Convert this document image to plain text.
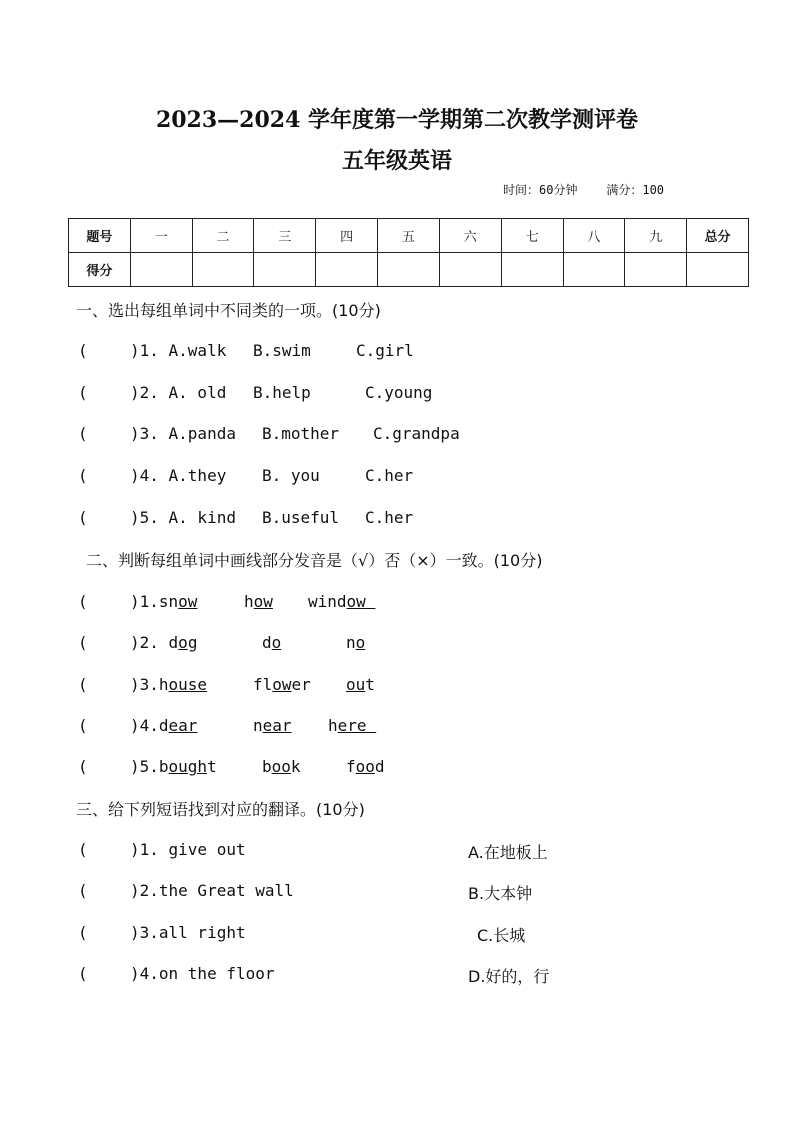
2023—2024 学年度第一学期第二次教学测评卷
五年级英语
时间：60分钟    满分：100
题号	一	二	三	四	五	六	七	八	九	总分
得分										
一、选出每组单词中不同类的一项。(10分)

(

	)1. A.walk

B.swim

	C.girl

(

	)2. A. old

B.help

	C.young

(

	)3. A.panda

B.mother

C.grandpa

(

	)4. A.they

B. you

	C.her

(

	)5. A. kind

B.useful

C.her

二、判断每组单词中画线部分发音是（√）否（×）一致。(10分)

(

	)1.snow

	how

window

(

	)2. dog

	do

	no

(

	)3.house

	flower

out

(

	)4.dear

	near

here

(

	)5.bought

	book

	food

三、给下列短语找到对应的翻译。(10分)

(

	)1. give out

	A.在地板上

(

	)2.the Great wall

	B.大本钟

(

	)3.all right

	C.长城

(

	)4.on the floor

	D.好的，行
